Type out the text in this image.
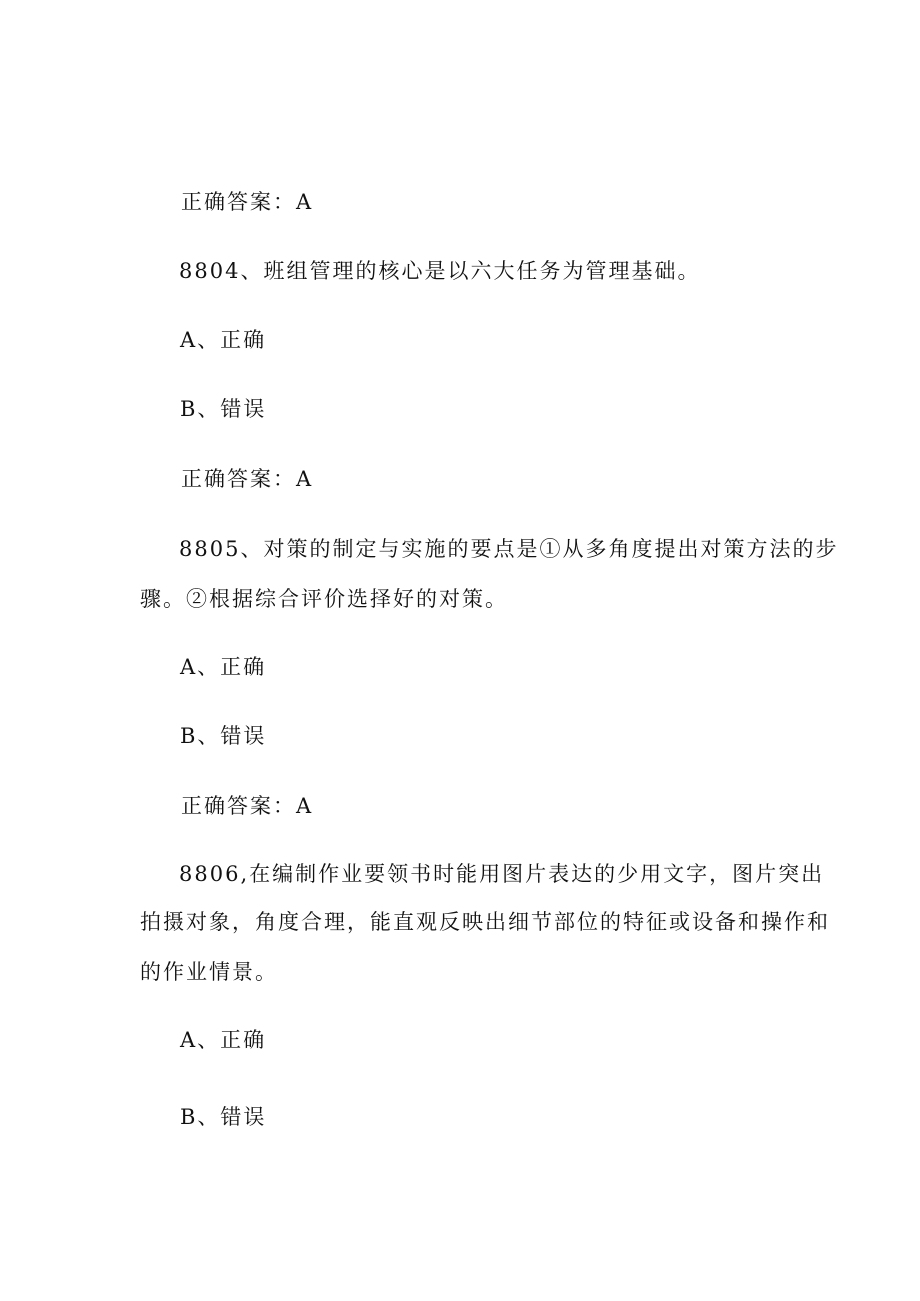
正确答案：A

8804、班组管理的核心是以六大任务为管理基础。

A、正确

B、错误

正确答案：A

8805、对策的制定与实施的要点是①从多角度提出对策方法的步

骤。②根据综合评价选择好的对策。

A、正确

B、错误

正确答案：A

8806,在编制作业要领书时能用图片表达的少用文字，图片突出

拍摄对象，角度合理，能直观反映出细节部位的特征或设备和操作和

的作业情景。

A、正确

B、错误
